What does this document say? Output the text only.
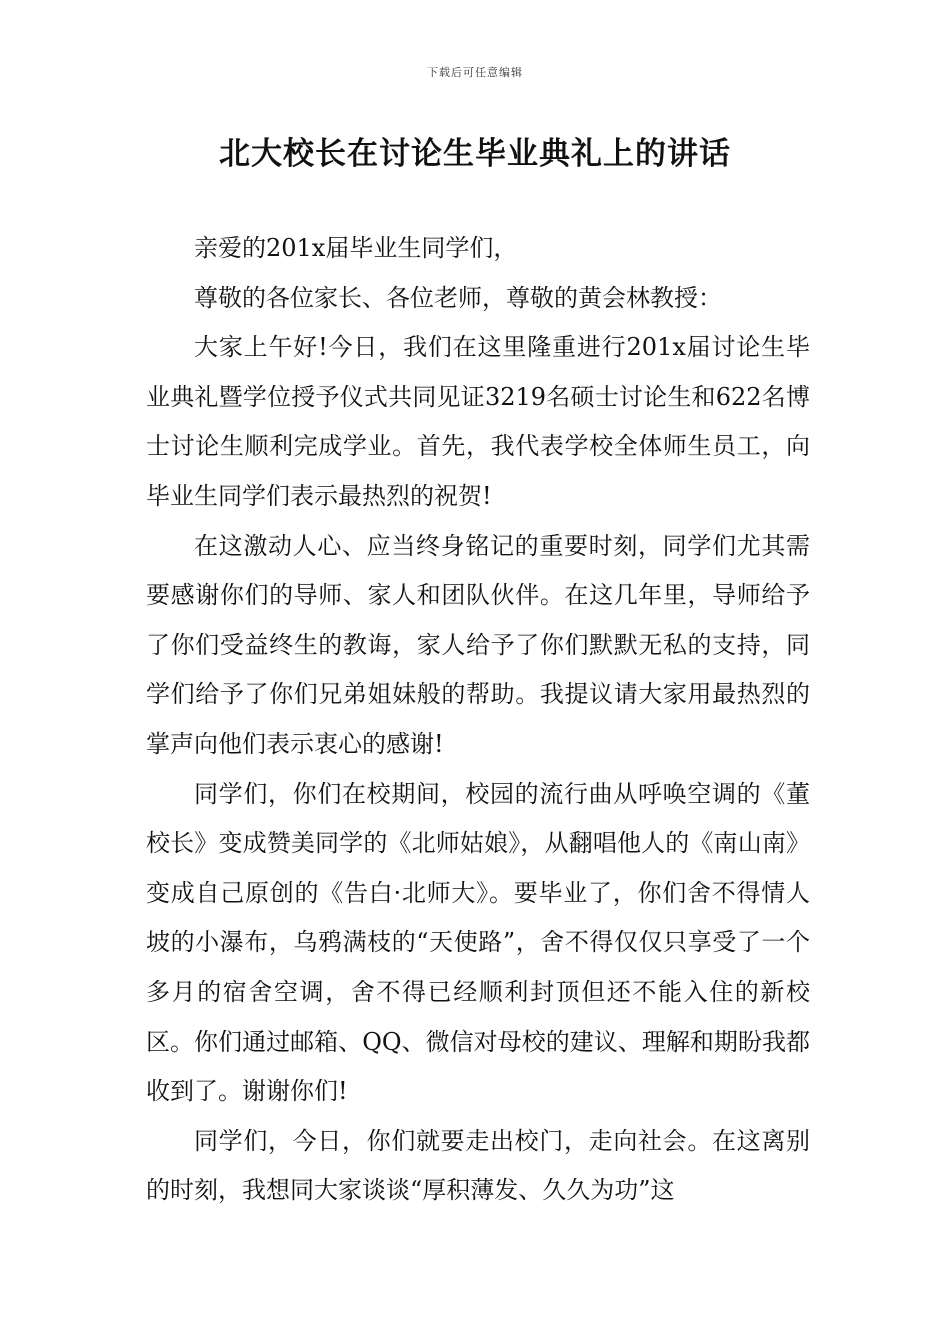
下载后可任意编辑
北大校长在讨论生毕业典礼上的讲话

亲爱的201x届毕业生同学们，

尊敬的各位家长、各位老师，尊敬的黄会林教授：

大家上午好!今日，我们在这里隆重进行201x届讨论生毕业典礼暨学位授予仪式共同见证3219名硕士讨论生和622名博士讨论生顺利完成学业。首先，我代表学校全体师生员工，向毕业生同学们表示最热烈的祝贺!

在这激动人心、应当终身铭记的重要时刻，同学们尤其需要感谢你们的导师、家人和团队伙伴。在这几年里，导师给予了你们受益终生的教诲，家人给予了你们默默无私的支持，同学们给予了你们兄弟姐妹般的帮助。我提议请大家用最热烈的掌声向他们表示衷心的感谢!

同学们，你们在校期间，校园的流行曲从呼唤空调的《董校长》变成赞美同学的《北师姑娘》，从翻唱他人的《南山南》变成自己原创的《告白·北师大》。要毕业了，你们舍不得情人坡的小瀑布，乌鸦满枝的“天使路”，舍不得仅仅只享受了一个多月的宿舍空调，舍不得已经顺利封顶但还不能入住的新校区。你们通过邮箱、QQ、微信对母校的建议、理解和期盼我都收到了。谢谢你们!

同学们，今日，你们就要走出校门，走向社会。在这离别的时刻，我想同大家谈谈“厚积薄发、久久为功”这
